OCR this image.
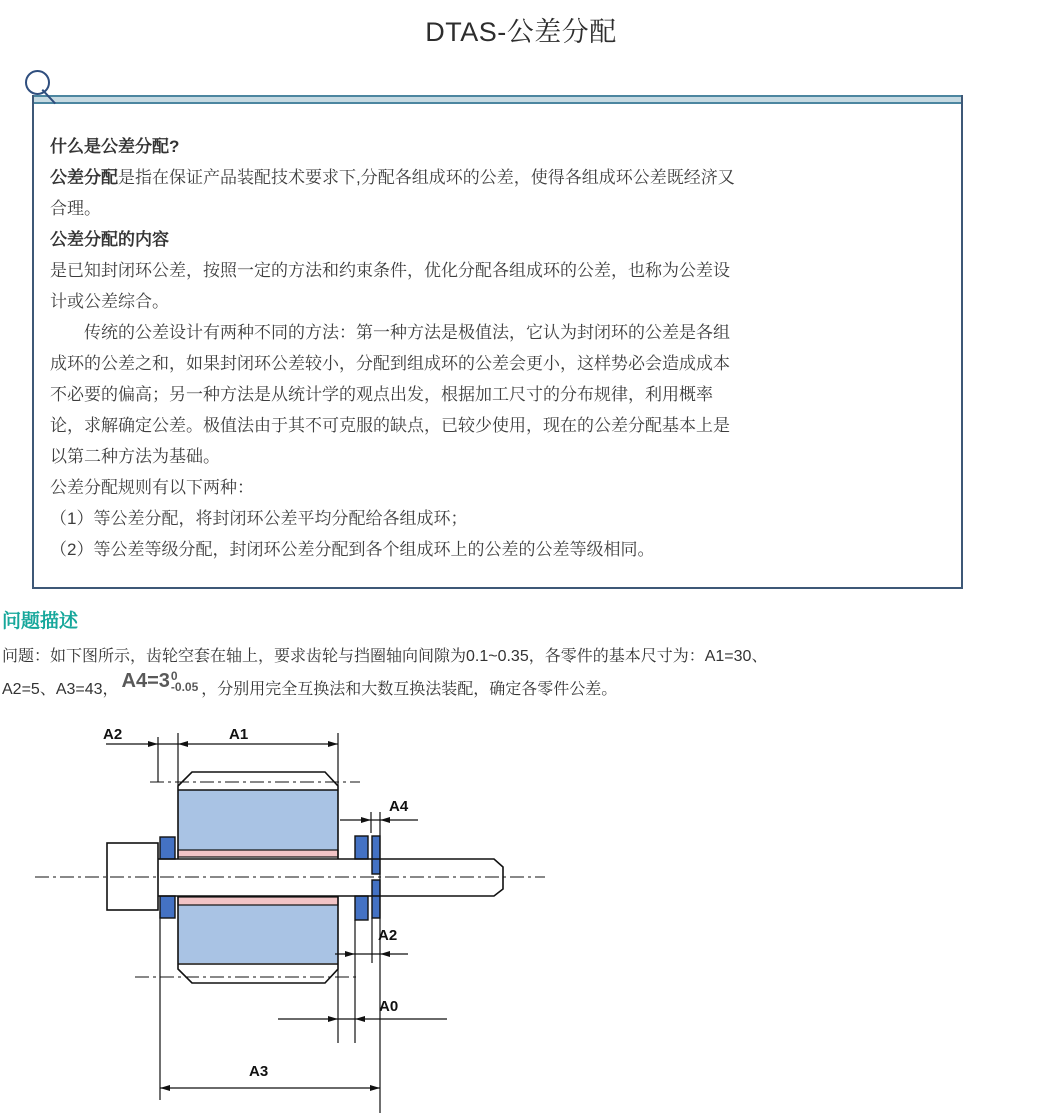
DTAS-公差分配
什么是公差分配?
公差分配是指在保证产品装配技术要求下,分配各组成环的公差，使得各组成环公差既经济又
合理。
公差分配的内容
是已知封闭环公差，按照一定的方法和约束条件，优化分配各组成环的公差，也称为公差设
计或公差综合。
　　传统的公差设计有两种不同的方法：第一种方法是极值法，它认为封闭环的公差是各组
成环的公差之和，如果封闭环公差较小，分配到组成环的公差会更小，这样势必会造成成本
不必要的偏高；另一种方法是从统计学的观点出发，根据加工尺寸的分布规律，利用概率
论，求解确定公差。极值法由于其不可克服的缺点，已较少使用，现在的公差分配基本上是
以第二种方法为基础。
公差分配规则有以下两种：
（1）等公差分配，将封闭环公差平均分配给各组成环；
（2）等公差等级分配，封闭环公差分配到各个组成环上的公差的公差等级相同。
问题描述
问题：如下图所示，齿轮空套在轴上，要求齿轮与挡圈轴向间隙为0.1~0.35，各零件的基本尺寸为：A1=30、
A2=5、A3=43， A4=3 0
-0.05 ，分别用完全互换法和大数互换法装配，确定各零件公差。
A2	A1
A4
A2
A0
A3
